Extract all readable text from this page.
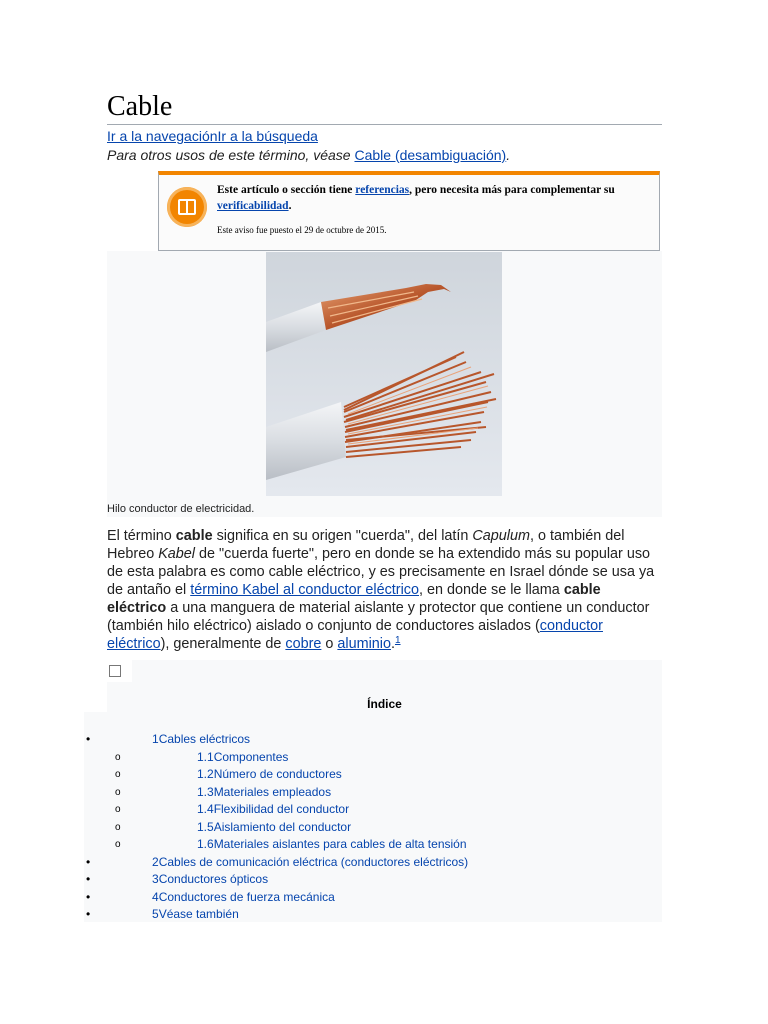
Cable
Ir a la navegaciónIr a la búsqueda
Para otros usos de este término, véase Cable (desambiguación).
Este artículo o sección tiene referencias, pero necesita más para complementar su verificabilidad.
Este aviso fue puesto el 29 de octubre de 2015.
Hilo conductor de electricidad.

El término cable significa en su origen "cuerda", del latín Capulum, o también del Hebreo Kabel de "cuerda fuerte", pero en donde se ha extendido más su popular uso de esta palabra es como cable eléctrico, y es precisamente en Israel dónde se usa ya de antaño el término Kabel al conductor eléctrico, en donde se le llama cable eléctrico a una manguera de material aislante y protector que contiene un conductor (también hilo eléctrico) aislado o conjunto de conductores aislados (conductor eléctrico), generalmente de cobre o aluminio.$^1$

Índice
1Cables eléctricos
1.1Componentes
1.2Número de conductores
1.3Materiales empleados
1.4Flexibilidad del conductor
1.5Aislamiento del conductor
1.6Materiales aislantes para cables de alta tensión
2Cables de comunicación eléctrica (conductores eléctricos)
3Conductores ópticos
4Conductores de fuerza mecánica
5Véase también
•
o
o
o
o
o
o
•
•
•
•
